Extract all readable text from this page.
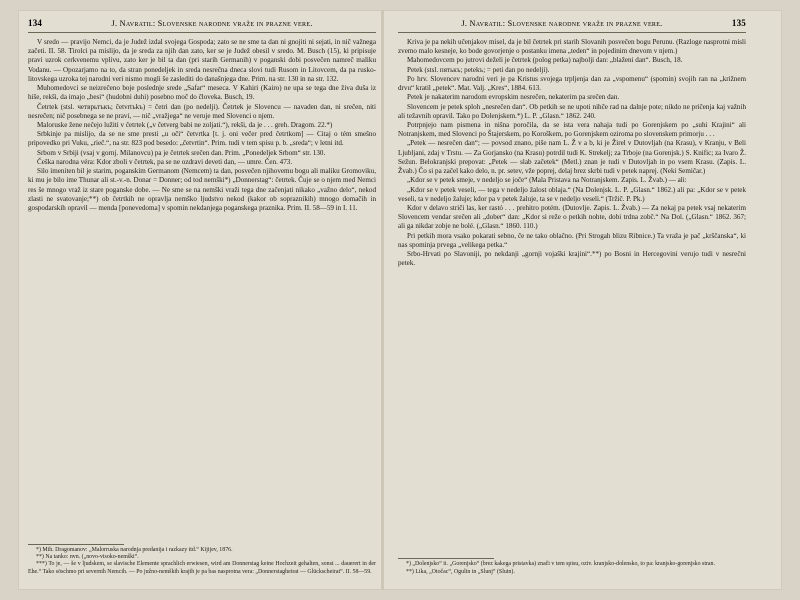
134	J. Navratil: Slovenske narodne vraže in prazne vere.

V sredo — pravijo Nemci, da je Judež izdal svojega Gospoda; zato se ne sme ta dan ni gnojiti ni sejati, in nič važnega začeti. II. 58. Tirolci pa mislijo, da je sreda za njih dan zato, ker se je Judež obesil v sredo. M. Busch (15), ki pripisuje pravi uzrok cerkvenemu vplivu, zato ker je bil ta dan (pri starih Germanih) v poganski dobi posvečen namreč maliku Vodanu. — Opozarjamo na to, da stran ponedeljek in sreda nesrečna dneca slovi tudi Rusom in Litovcem, da pa rusko-litovskega uzroka tej narodni veri nismo mogli še zaslediti do današnjega dne. Prim. na str. 130 in na str. 132.

Muhomedovci se neizrečeno boje poslednje srede „Safar“ meseca. V Kahiri (Kairo) ne upa se tega dne živa duša iz hiše, rekši, da imajo „besi“ (hudobni duhi) posebno moč do človeka. Busch, 19.

Četrtek (stsl. четврьтъкъ; četvrtъkъ) = četri dan (po nedelji). Četrtek je Slovencu — navaden dan, ni srečen, niti nesrečen; nič posebnega se ne pravi, — nič „vražjega“ ne veruje med Slovenci o njem.

Maloruske žene nečejo lužiti v četrtek („v četverg babi ne zoljati.“), rekši, da je . . . greh. Dragom. 22.*)

Srbkinje pa mislijo, da se ne sme presti „u oči“ četvrtka [t. j. oni večer pred četrtkom] — Citaj o tém smešno pripovedko pri Vuku, „rieč.“, na str. 823 pod besedo: „četvrtin“. Prim. tudi v tem spisu p. b. „sreda“; v letni itd.

Srbom v Srbiji (vsaj v gornj. Milanovcu) pa je četrtek srečen dan. Prim. „Ponedeljek Srbom“ str. 130.

Češka narodna véra: Kdor zboli v četrtek, pa se ne ozdravi deveti dan, — umre. Čen. 473.

Silo imeniten bil je starim, poganskim Germanom (Nemcem) ta dan, posvečen njihovemu bogu ali maliku Gromoviku, ki mu je bilo ime Thunar ali st.-v.-n. Donar = Donner; od tod nemški*) „Donnerstag“: četrtek. Čuje se o njem med Nemci res še mnogo vraž iz stare poganske dobe. — Ne sme se na nemški vraži tega dne začenjati nikako „važno delo“, nekod zlasti ne svatovanje;**) ob četrtkih ne opravlja nemško ljudstvo nekod (kakor ob sopraznikih) mnogo domačih in gospodarskih opravil — menda [ponevedoma] v spomin nekdanjega poganskega praznika. Prim. II. 58—59 in I. 11.

*) Mih. Dragomanov: „Malorruska narodnja predanija i razkazy itd.“ Kijijev, 1876.

**) Na tanko: nvn. („novo-visoko-nemški“.

***) To je, — še v ljudskem, se slavische Elemente sprachlich erwiesen, wird am Donnerstag keine Hochzeit gehalten, sonst ... dauerert in der Ehe.“ Tako söschmo pri severnih Nemcih. — Po južno-nemških krajih je pa bas nasprotna vera: „Donnerstagheirat — Glückscheirat“. II. 58—59.

J. Navratil: Slovenske narodne vraže in prazne vere.	135

Kriva je pa nekih učenjakov misel, da je bil četrtek pri starih Slovanih posvečen bogu Perunu. (Razloge nasprotni misli zvemo malo kesneje, ko bode govorjenje o postanku imena „teden“ in pojedinim dnevom v njem.)

Mahomedovcem po jutrovi deželi je četrtek (polog petka) najbolji dan: „blaženi dan“. Busch, 18.

Petek (stsl. пятькъ; petekъ; = peti dan po nedelji).

Po hrv. Slovencev narodni veri je pa Kristus svojega trpljenja dan za „vspomenu“ (spomin) svojih ran na „križnem drvu“ kratil „petek“. Mat. Valj. „Kres“, 1884. 613.

Petek je nakaterim narodom evropskim nesrečen, nekaterim pa srečen dan.

Slovencem je petek sploh „nesrečen dan“. Ob petkih se ne upoti nihče rad na dalnje pote; nikdo ne pričenja kaj važnih ali težavnih opravil. Tako po Dolenjskem.*) L. P. „Glasn.“ 1862. 240.

Potrpnjejo nam pismena in nišna poročila, da se ista vera nahaja tudi po Gorenjskem po „suhi Krajini“ ali Notranjskem, med Slovenci po Štajerskem, po Koroškem, po Gorenjskem oziroma po slovenskem primorju . . .

„Petek — nesrečen dan“; — povsod znano, piše nam L. Ž v a b, ki je Žirel v Dutovljah (na Krasu), v Kranju, v Beli Ljubljani, zdaj v Trstu. — Za Gorjansko (na Krasu) potrdil tudi K. Strekelj; za Trboje (na Gorenjsk.) S. Knific; za Ivaro Ž. Sežun. Belokranjski prepovat: „Petek — slab začetek“ (Metl.) znan je tudi v Dutovljah in po vsem Krasu. (Zapis. L. Žvab.) Čo si pa začel kako delo, n. pr. setev, vže poprej, delaj brez skrbi tudi v petek naprej. (Neki Semičar.)

„Kdor se v petek smeje, v nedeljo se joče“ (Mala Pristava na Notranjskem. Zapis. L. Žvab.) — ali:

„Kdor se v petek veseli, — tega v nedeljo žalost oblaja.“ (Na Dolenjsk. L. P. „Glasn.“ 1862.) ali pa: „Kdor se v petek veseli, ta v nedeljo žaluje; kdor pa v petek žaluje, ta se v nedeljo veseli.“ (Tržič. P. Pk.)

Kdor v delavo striči las, ker rastó . . . prehitro potém. (Dutovlje. Zapis. L. Žvab.) — Za nekaj pa petek vsaj nekaterim Slovencem vendar srečen ali „dober“ dan: „Kdor si reže o petkih nohte, dobi trdna zobč.“ Na Dol. („Glasn.“ 1862. 367; ali ga nikdar zobje ne bolé. („Glasn.“ 1860. 110.)

Pri petkih mora vsako pokarati sebno, če ne tako oblačno. (Pri Strogah blizu Ribnice.) Ta vraža je pač „krščanska“, ki nas spominja prvega „velikega petka.“

Srbo-Hrvati po Slavoniji, po nekdanji „gornji vojaški krajini“.**) po Bosni in Hercegovini verujo tudi v nesrečni petek.

*) „Dolenjsko“ ii. „Gorenjsko“ (brez kakega pristavka) znači v tem spisu, oziv. kranjsko-dolensko, to pa: kranjsko-gorenjsko stran.

**) Lika, „Otočac“, Ogulin in „Slunj“ (Sluin).
